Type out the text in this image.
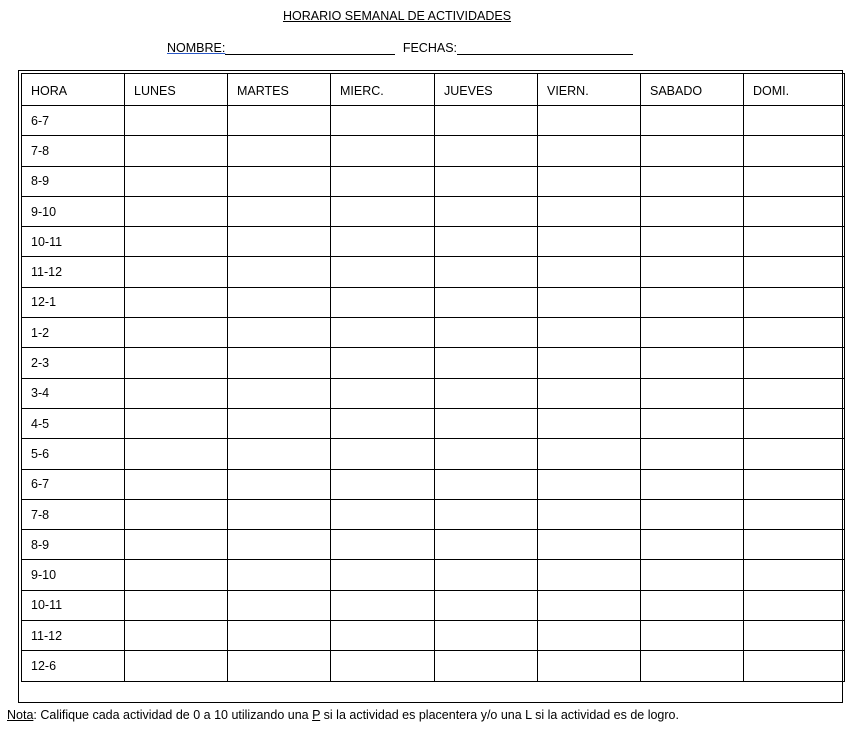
HORARIO SEMANAL DE ACTIVIDADES
NOMBRE:	FECHAS:
HORA	LUNES	MARTES	MIERC.	JUEVES	VIERN.	SABADO	DOMI.
6-7							
7-8							
8-9							
9-10							
10-11							
11-12							
12-1							
1-2							
2-3							
3-4							
4-5							
5-6							
6-7							
7-8							
8-9							
9-10							
10-11							
11-12							
12-6							
Nota: Califique cada actividad de 0 a 10 utilizando una P si la actividad es placentera y/o una L si la actividad es de logro.
